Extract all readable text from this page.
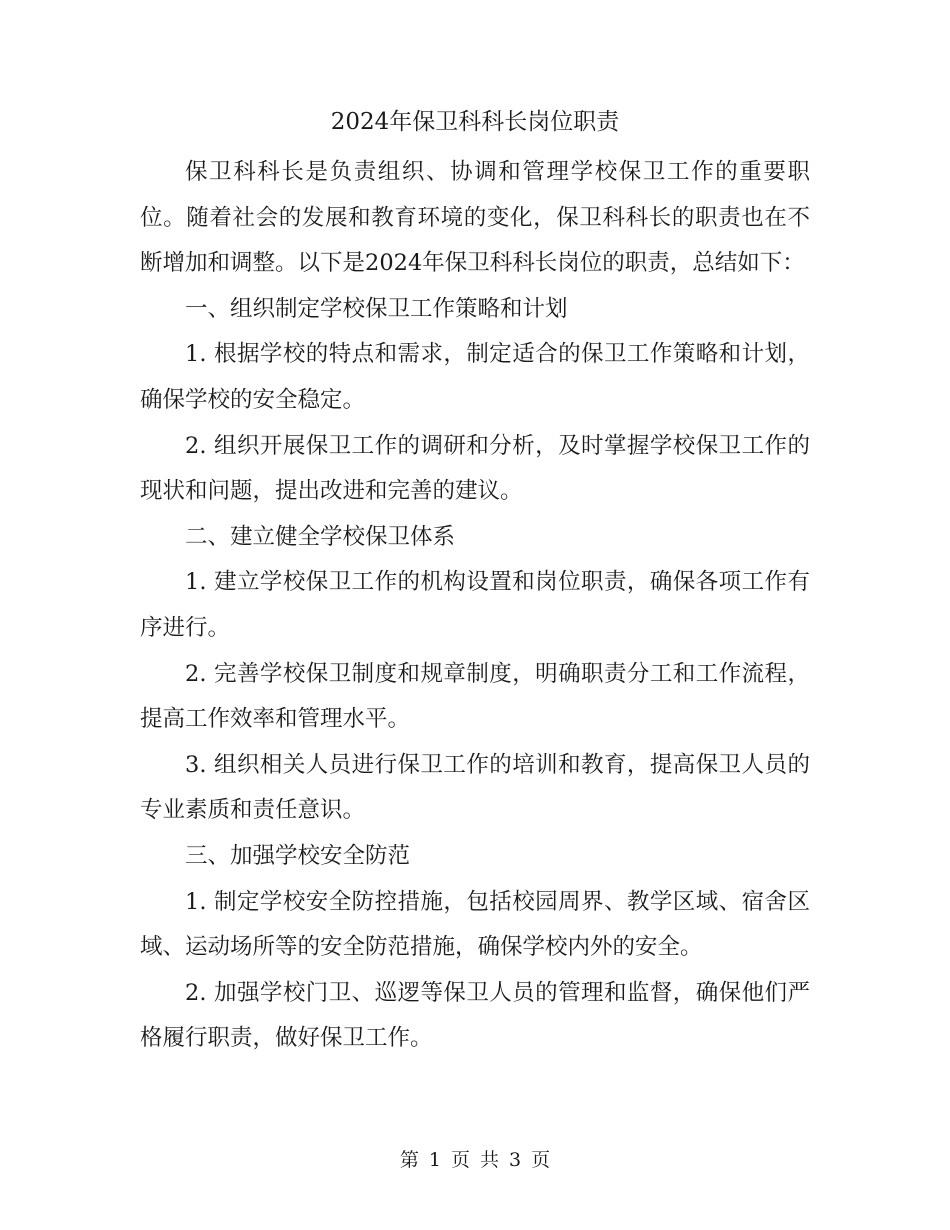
2024年保卫科科长岗位职责

保卫科科长是负责组织、协调和管理学校保卫工作的重要职位。随着社会的发展和教育环境的变化，保卫科科长的职责也在不断增加和调整。以下是2024年保卫科科长岗位的职责，总结如下：

一、组织制定学校保卫工作策略和计划

1. 根据学校的特点和需求，制定适合的保卫工作策略和计划，确保学校的安全稳定。

2. 组织开展保卫工作的调研和分析，及时掌握学校保卫工作的现状和问题，提出改进和完善的建议。

二、建立健全学校保卫体系

1. 建立学校保卫工作的机构设置和岗位职责，确保各项工作有序进行。

2. 完善学校保卫制度和规章制度，明确职责分工和工作流程，提高工作效率和管理水平。

3. 组织相关人员进行保卫工作的培训和教育，提高保卫人员的专业素质和责任意识。

三、加强学校安全防范

1. 制定学校安全防控措施，包括校园周界、教学区域、宿舍区域、运动场所等的安全防范措施，确保学校内外的安全。

2. 加强学校门卫、巡逻等保卫人员的管理和监督，确保他们严格履行职责，做好保卫工作。

第 1 页 共 3 页
